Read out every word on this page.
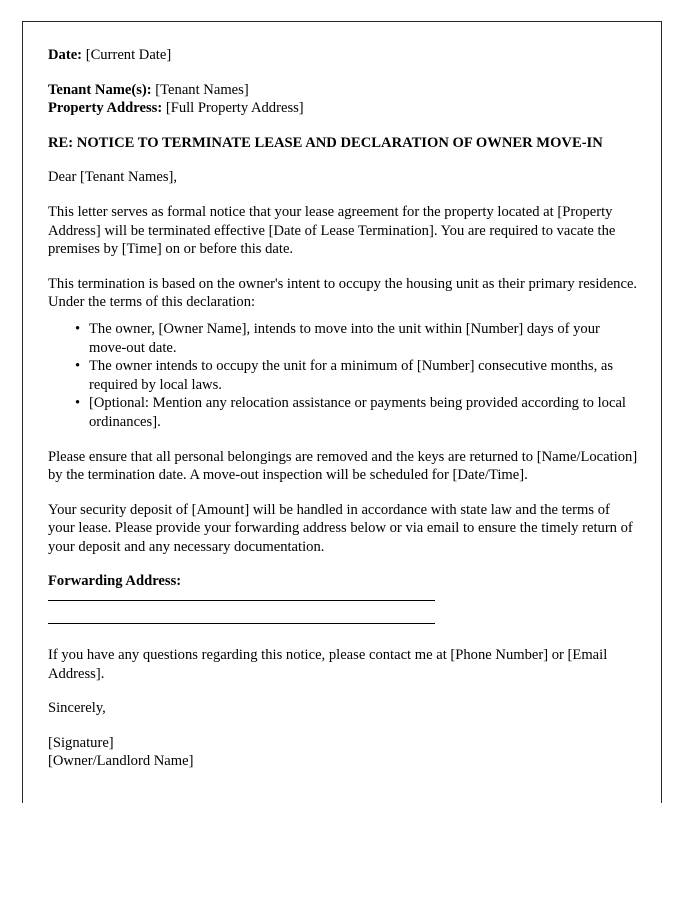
Date: [Current Date]
Tenant Name(s): [Tenant Names]
Property Address: [Full Property Address]
RE: NOTICE TO TERMINATE LEASE AND DECLARATION OF OWNER MOVE-IN
Dear [Tenant Names],
This letter serves as formal notice that your lease agreement for the property located at [Property Address] will be terminated effective [Date of Lease Termination]. You are required to vacate the premises by [Time] on or before this date.
This termination is based on the owner's intent to occupy the housing unit as their primary residence. Under the terms of this declaration:
• The owner, [Owner Name], intends to move into the unit within [Number] days of your move-out date.
• The owner intends to occupy the unit for a minimum of [Number] consecutive months, as required by local laws.
• [Optional: Mention any relocation assistance or payments being provided according to local ordinances].
Please ensure that all personal belongings are removed and the keys are returned to [Name/Location] by the termination date. A move-out inspection will be scheduled for [Date/Time].
Your security deposit of [Amount] will be handled in accordance with state law and the terms of your lease. Please provide your forwarding address below or via email to ensure the timely return of your deposit and any necessary documentation.
Forwarding Address:
If you have any questions regarding this notice, please contact me at [Phone Number] or [Email Address].
Sincerely,
[Signature]
[Owner/Landlord Name]
